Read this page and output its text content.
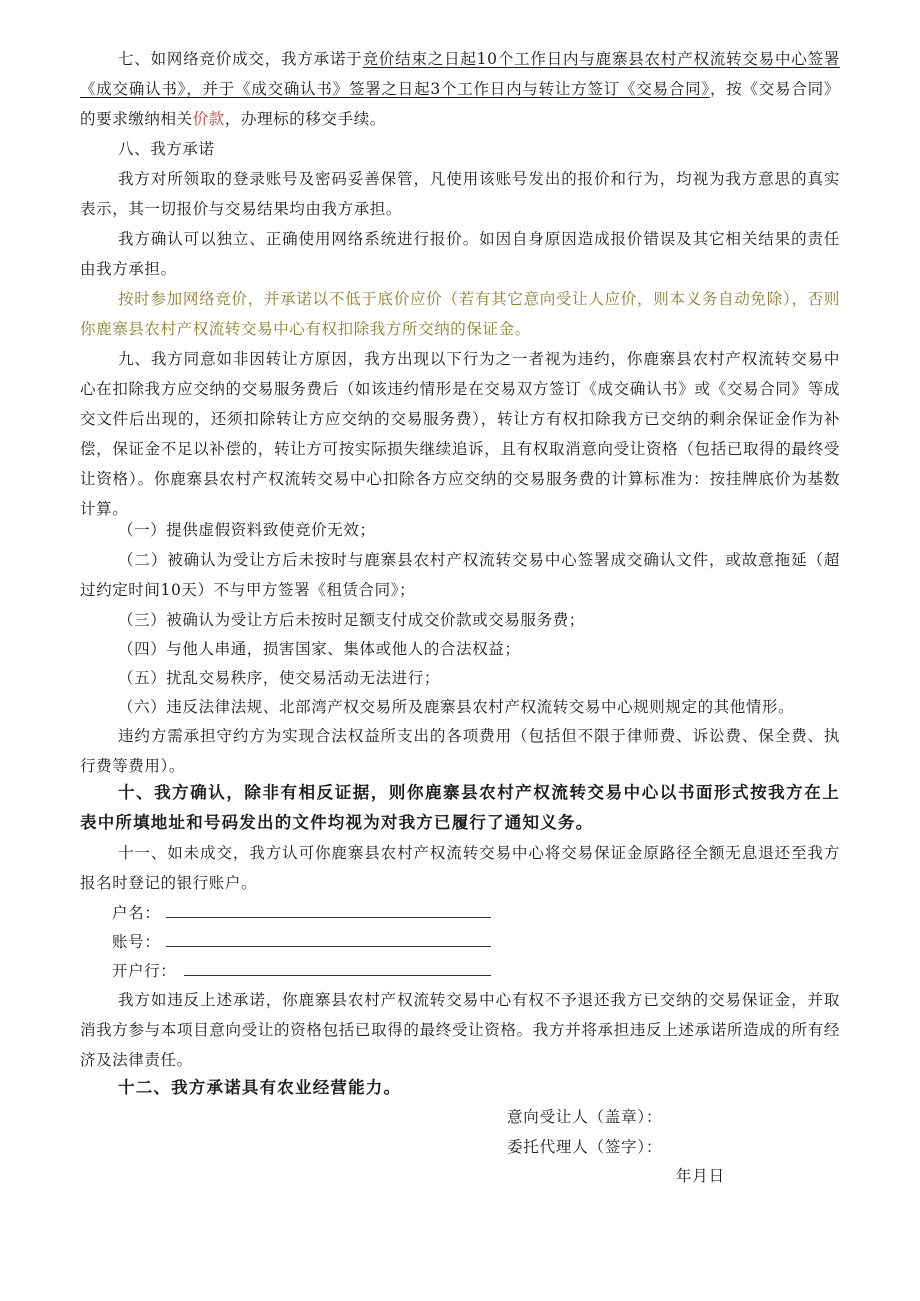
七、如网络竞价成交，我方承诺于竞价结束之日起10个工作日内与鹿寨县农村产权流转交易中心签署《成交确认书》，并于《成交确认书》签署之日起3个工作日内与转让方签订《交易合同》，按《交易合同》的要求缴纳相关价款，办理标的移交手续。

八、我方承诺

我方对所领取的登录账号及密码妥善保管，凡使用该账号发出的报价和行为，均视为我方意思的真实表示，其一切报价与交易结果均由我方承担。

我方确认可以独立、正确使用网络系统进行报价。如因自身原因造成报价错误及其它相关结果的责任由我方承担。

按时参加网络竞价，并承诺以不低于底价应价（若有其它意向受让人应价，则本义务自动免除），否则你鹿寨县农村产权流转交易中心有权扣除我方所交纳的保证金。

九、我方同意如非因转让方原因，我方出现以下行为之一者视为违约，你鹿寨县农村产权流转交易中心在扣除我方应交纳的交易服务费后（如该违约情形是在交易双方签订《成交确认书》或《交易合同》等成交文件后出现的，还须扣除转让方应交纳的交易服务费），转让方有权扣除我方已交纳的剩余保证金作为补偿，保证金不足以补偿的，转让方可按实际损失继续追诉，且有权取消意向受让资格（包括已取得的最终受让资格）。你鹿寨县农村产权流转交易中心扣除各方应交纳的交易服务费的计算标准为：按挂牌底价为基数计算。

（一）提供虚假资料致使竞价无效；

（二）被确认为受让方后未按时与鹿寨县农村产权流转交易中心签署成交确认文件，或故意拖延（超过约定时间10天）不与甲方签署《租赁合同》；

（三）被确认为受让方后未按时足额支付成交价款或交易服务费；

（四）与他人串通，损害国家、集体或他人的合法权益；

（五）扰乱交易秩序，使交易活动无法进行；

（六）违反法律法规、北部湾产权交易所及鹿寨县农村产权流转交易中心规则规定的其他情形。

违约方需承担守约方为实现合法权益所支出的各项费用（包括但不限于律师费、诉讼费、保全费、执行费等费用）。

十、我方确认，除非有相反证据，则你鹿寨县农村产权流转交易中心以书面形式按我方在上表中所填地址和号码发出的文件均视为对我方已履行了通知义务。

十一、如未成交，我方认可你鹿寨县农村产权流转交易中心将交易保证金原路径全额无息退还至我方报名时登记的银行账户。

户名：
账号：
开户行：

我方如违反上述承诺，你鹿寨县农村产权流转交易中心有权不予退还我方已交纳的交易保证金，并取消我方参与本项目意向受让的资格包括已取得的最终受让资格。我方并将承担违反上述承诺所造成的所有经济及法律责任。

十二、我方承诺具有农业经营能力。

意向受让人（盖章）：
委托代理人（签字）：
年月日
